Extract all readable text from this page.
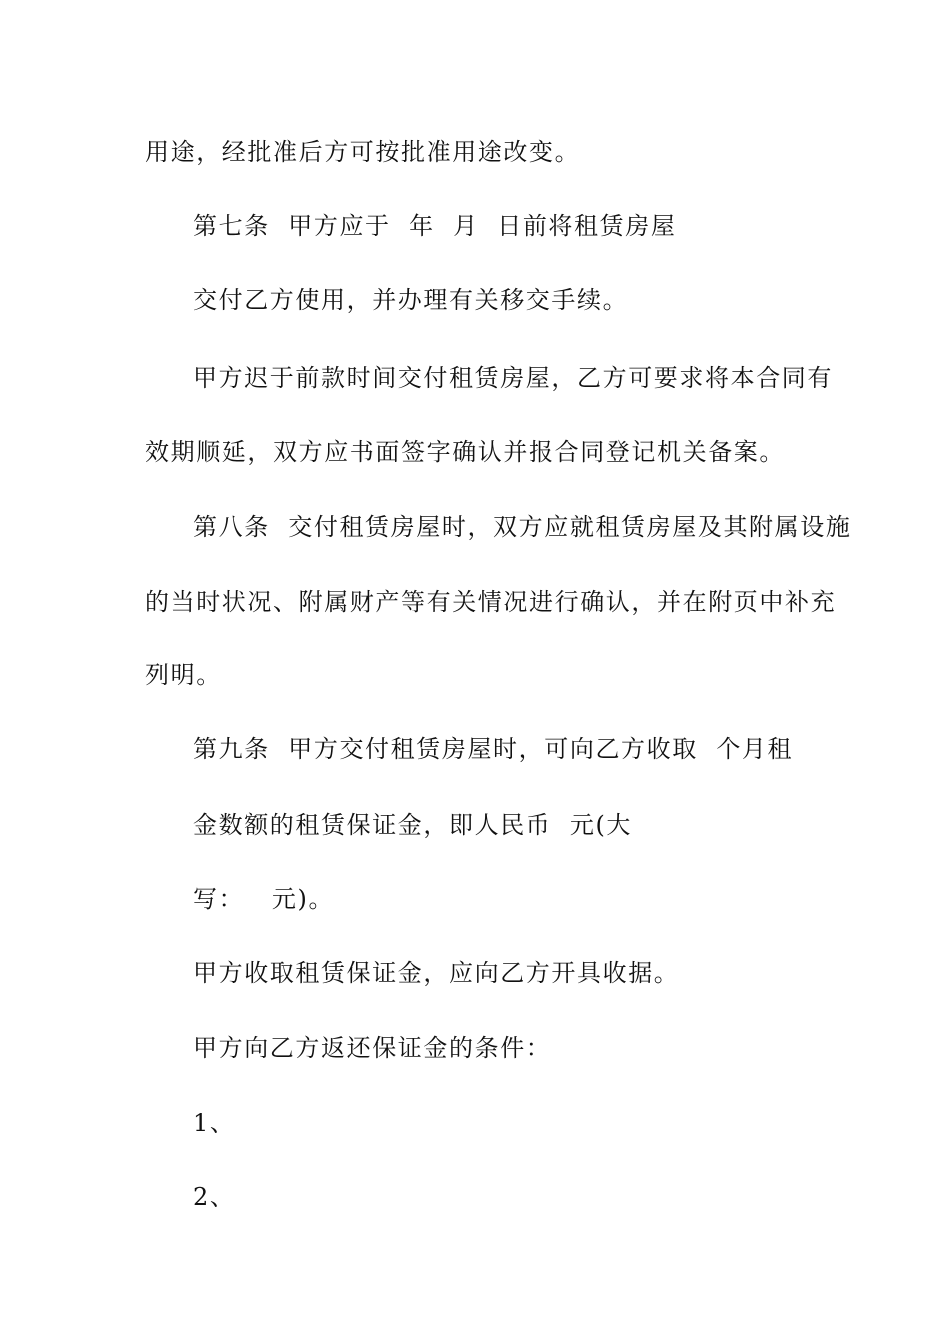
用途，经批准后方可按批准用途改变。

第七条  甲方应于  年  月  日前将租赁房屋

交付乙方使用，并办理有关移交手续。

甲方迟于前款时间交付租赁房屋，乙方可要求将本合同有

效期顺延，双方应书面签字确认并报合同登记机关备案。

第八条  交付租赁房屋时，双方应就租赁房屋及其附属设施

的当时状况、附属财产等有关情况进行确认，并在附页中补充

列明。

第九条  甲方交付租赁房屋时，可向乙方收取  个月租

金数额的租赁保证金，即人民币  元(大

写：   元)。

甲方收取租赁保证金，应向乙方开具收据。

甲方向乙方返还保证金的条件：

1、

2、
